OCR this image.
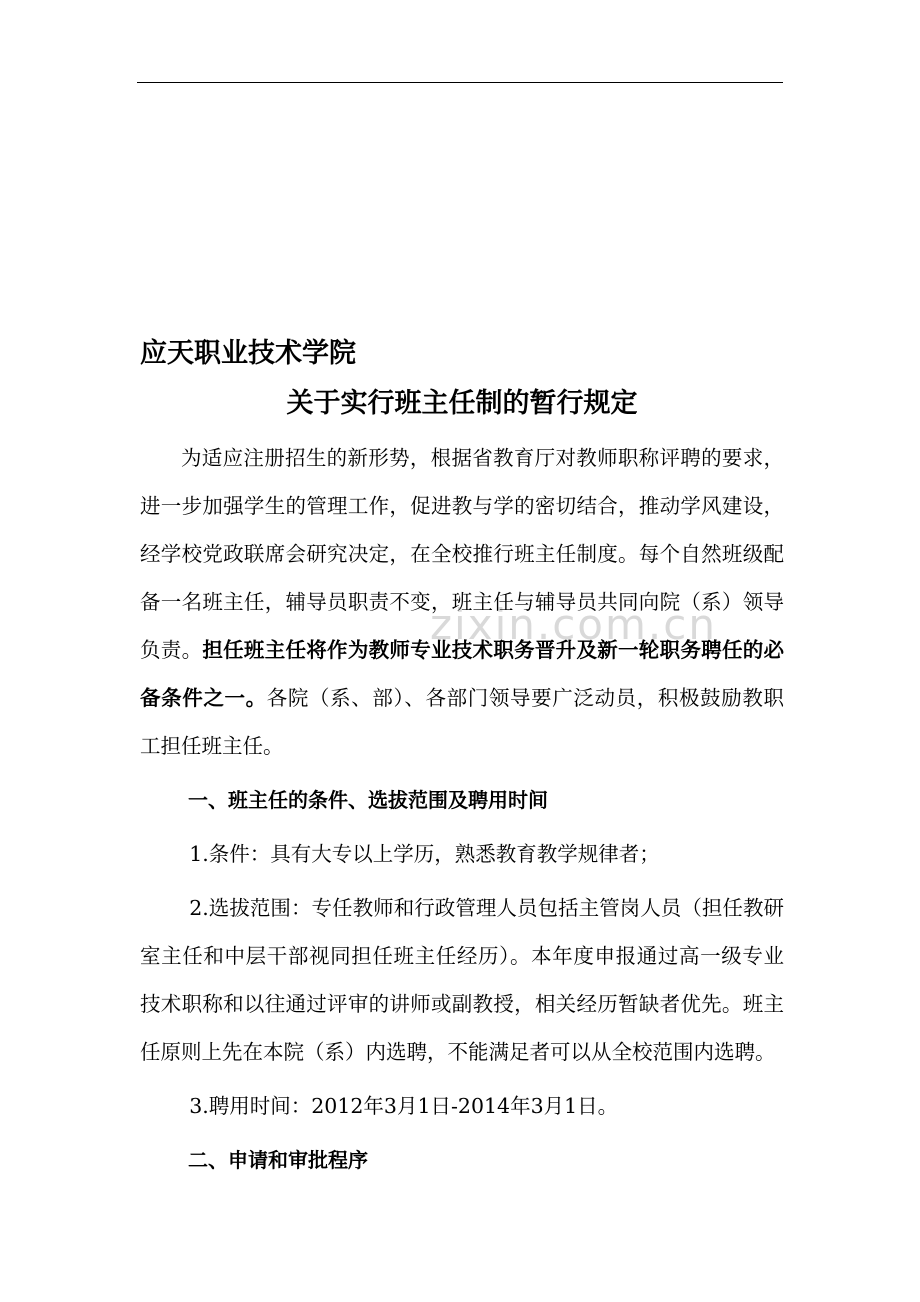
zixin.com.cn

应天职业技术学院

关于实行班主任制的暂行规定

为适应注册招生的新形势，根据省教育厅对教师职称评聘的要求，进一步加强学生的管理工作，促进教与学的密切结合，推动学风建设，经学校党政联席会研究决定，在全校推行班主任制度。每个自然班级配备一名班主任，辅导员职责不变，班主任与辅导员共同向院（系）领导负责。担任班主任将作为教师专业技术职务晋升及新一轮职务聘任的必备条件之一。各院（系、部）、各部门领导要广泛动员，积极鼓励教职工担任班主任。

一、班主任的条件、选拔范围及聘用时间

1.条件：具有大专以上学历，熟悉教育教学规律者；

2.选拔范围：专任教师和行政管理人员包括主管岗人员（担任教研室主任和中层干部视同担任班主任经历）。本年度申报通过高一级专业技术职称和以往通过评审的讲师或副教授，相关经历暂缺者优先。班主任原则上先在本院（系）内选聘，不能满足者可以从全校范围内选聘。

3.聘用时间：2012年3月1日-2014年3月1日。

二、申请和审批程序
